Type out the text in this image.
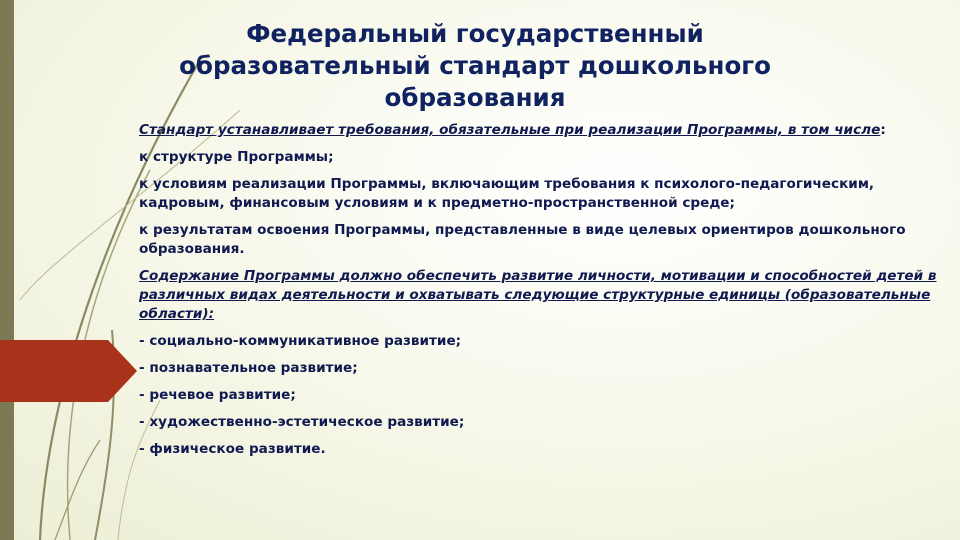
Федеральный государственный образовательный стандарт дошкольного образования

Стандарт устанавливает требования, обязательные при реализации Программы, в том числе:

к структуре Программы;

к условиям реализации Программы, включающим требования к психолого-педагогическим, кадровым, финансовым условиям и к предметно-пространственной среде;

к результатам освоения Программы, представленные в виде целевых ориентиров дошкольного образования.

Содержание Программы должно обеспечить развитие личности, мотивации и способностей детей в различных видах деятельности и охватывать следующие структурные единицы (образовательные области):

- социально-коммуникативное развитие;

- познавательное развитие;

- речевое развитие;

- художественно-эстетическое развитие;

- физическое развитие.
